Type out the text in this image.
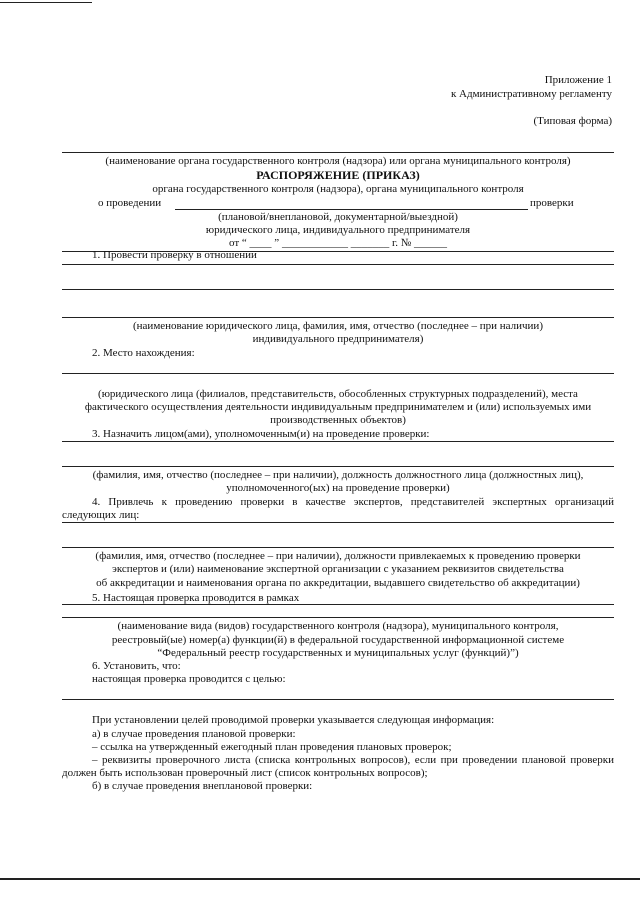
Приложение 1
к Административному регламенту
(Типовая форма)
(наименование органа государственного контроля (надзора) или органа муниципального контроля)
РАСПОРЯЖЕНИЕ (ПРИКАЗ)
органа государственного контроля (надзора), органа муниципального контроля
о проведении	проверки
(плановой/внеплановой, документарной/выездной)
юридического лица, индивидуального предпринимателя
от “ ____ ” ____________ _______ г. № ______
1. Провести проверку в отношении
(наименование юридического лица, фамилия, имя, отчество (последнее – при наличии)
индивидуального предпринимателя)
2. Место нахождения:
(юридического лица (филиалов, представительств, обособленных структурных подразделений), места
фактического осуществления деятельности индивидуальным предпринимателем и (или) используемых ими
производственных объектов)
3. Назначить лицом(ами), уполномоченным(и) на проведение проверки:
(фамилия, имя, отчество (последнее – при наличии), должность должностного лица (должностных лиц),
уполномоченного(ых) на проведение проверки)
4. Привлечь к проведению проверки в качестве экспертов, представителей экспертных организаций следующих лиц:
(фамилия, имя, отчество (последнее – при наличии), должности привлекаемых к проведению проверки
экспертов и (или) наименование экспертной организации с указанием реквизитов свидетельства
об аккредитации и наименования органа по аккредитации, выдавшего свидетельство об аккредитации)
5. Настоящая проверка проводится в рамках
(наименование вида (видов) государственного контроля (надзора), муниципального контроля,
реестровый(ые) номер(а) функции(й) в федеральной государственной информационной системе
“Федеральный реестр государственных и муниципальных услуг (функций)”)
6. Установить, что:
настоящая проверка проводится с целью:
При установлении целей проводимой проверки указывается следующая информация:
а) в случае проведения плановой проверки:
– ссылка на утвержденный ежегодный план проведения плановых проверок;
– реквизиты проверочного листа (списка контрольных вопросов), если при проведении плановой проверки должен быть использован проверочный лист (список контрольных вопросов);
б) в случае проведения внеплановой проверки:
